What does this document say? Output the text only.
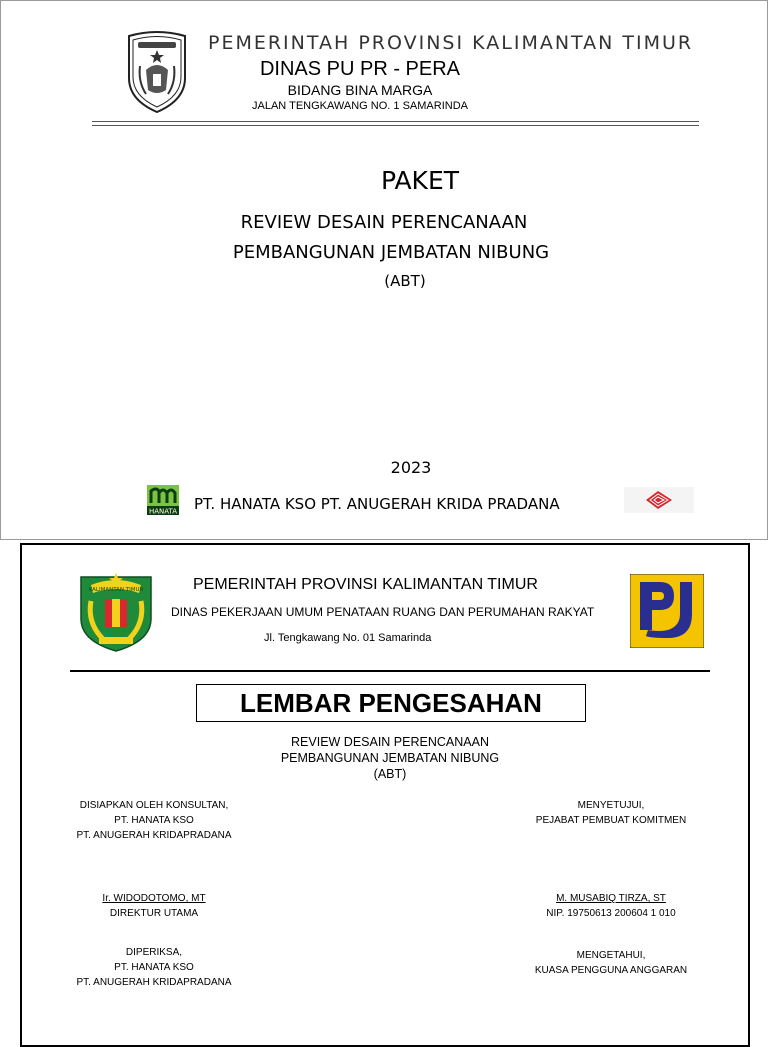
PEMERINTAH PROVINSI KALIMANTAN TIMUR
DINAS PU PR - PERA
BIDANG BINA MARGA
JALAN TENGKAWANG NO. 1 SAMARINDA
PAKET
REVIEW DESAIN PERENCANAAN
PEMBANGUNAN JEMBATAN NIBUNG
(ABT)
2023
HANATA PT. HANATA KSO PT. ANUGERAH KRIDA PRADANA
KALIMANTAN TIMUR	PEMERINTAH PROVINSI KALIMANTAN TIMUR
DINAS PEKERJAAN UMUM PENATAAN RUANG DAN PERUMAHAN RAKYAT
Jl. Tengkawang No. 01 Samarinda
LEMBAR PENGESAHAN
REVIEW DESAIN PERENCANAAN
PEMBANGUNAN JEMBATAN NIBUNG
(ABT)
DISIAPKAN OLEH KONSULTAN,
PT. HANATA KSO
PT. ANUGERAH KRIDAPRADANA
MENYETUJUI,
PEJABAT PEMBUAT KOMITMEN
Ir. WIDODOTOMO, MT
DIREKTUR UTAMA
M. MUSABIQ TIRZA, ST
NIP. 19750613 200604 1 010
DIPERIKSA,
PT. HANATA KSO
PT. ANUGERAH KRIDAPRADANA
MENGETAHUI,
KUASA PENGGUNA ANGGARAN
